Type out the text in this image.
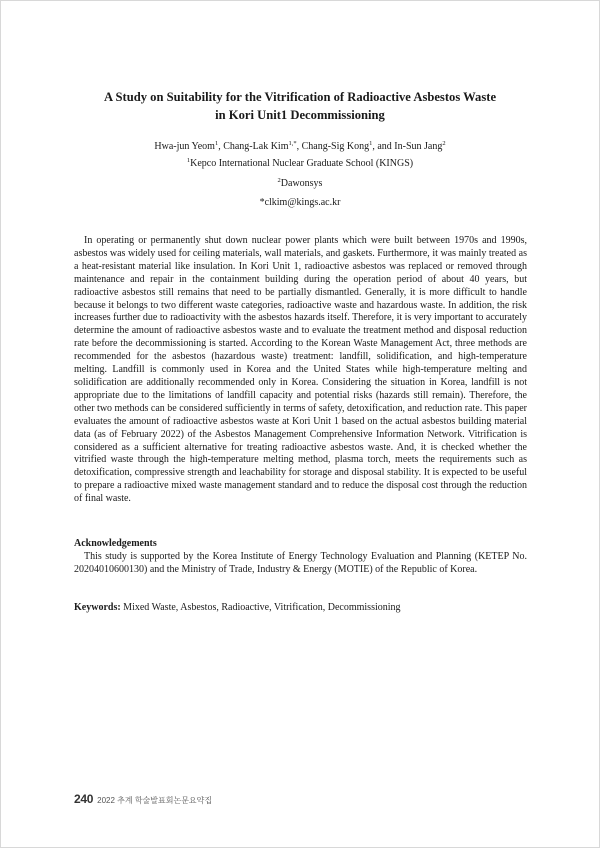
A Study on Suitability for the Vitrification of Radioactive Asbestos Waste
in Kori Unit1 Decommissioning
Hwa-jun Yeom$^1$, Chang-Lak Kim$^{1,*}$, Chang-Sig Kong$^1$, and In-Sun Jang$^2$
$^1$Kepco International Nuclear Graduate School (KINGS)
$^2$Dawonsys
*clkim@kings.ac.kr

In operating or permanently shut down nuclear power plants which were built between 1970s and 1990s, asbestos was widely used for ceiling materials, wall materials, and gaskets. Furthermore, it was mainly treated as a heat-resistant material like insulation. In Kori Unit 1, radioactive asbestos was replaced or removed through maintenance and repair in the containment building during the operation period of about 40 years, but radioactive asbestos still remains that need to be partially dismantled. Generally, it is more difficult to handle because it belongs to two different waste categories, radioactive waste and hazardous waste. In addition, the risk increases further due to radioactivity with the asbestos hazards itself. Therefore, it is very important to accurately determine the amount of radioactive asbestos waste and to evaluate the treatment method and disposal reduction rate before the decommissioning is started. According to the Korean Waste Management Act, three methods are recommended for the asbestos (hazardous waste) treatment: landfill, solidification, and high-temperature melting. Landfill is commonly used in Korea and the United States while high-temperature melting and solidification are additionally recommended only in Korea. Considering the situation in Korea, landfill is not appropriate due to the limitations of landfill capacity and potential risks (hazards still remain). Therefore, the other two methods can be considered sufficiently in terms of safety, detoxification, and reduction rate. This paper evaluates the amount of radioactive asbestos waste at Kori Unit 1 based on the actual asbestos building material data (as of February 2022) of the Asbestos Management Comprehensive Information Network. Vitrification is considered as a sufficient alternative for treating radioactive asbestos waste. And, it is checked whether the vitrified waste through the high-temperature melting method, plasma torch, meets the requirements such as detoxification, compressive strength and leachability for storage and disposal stability. It is expected to be useful to prepare a radioactive mixed waste management standard and to reduce the disposal cost through the reduction of final waste.

Acknowledgements

This study is supported by the Korea Institute of Energy Technology Evaluation and Planning (KETEP No. 20204010600130) and the Ministry of Trade, Industry & Energy (MOTIE) of the Republic of Korea.

Keywords: Mixed Waste, Asbestos, Radioactive, Vitrification, Decommissioning
240 2022 추계 학술발표회논문요약집
